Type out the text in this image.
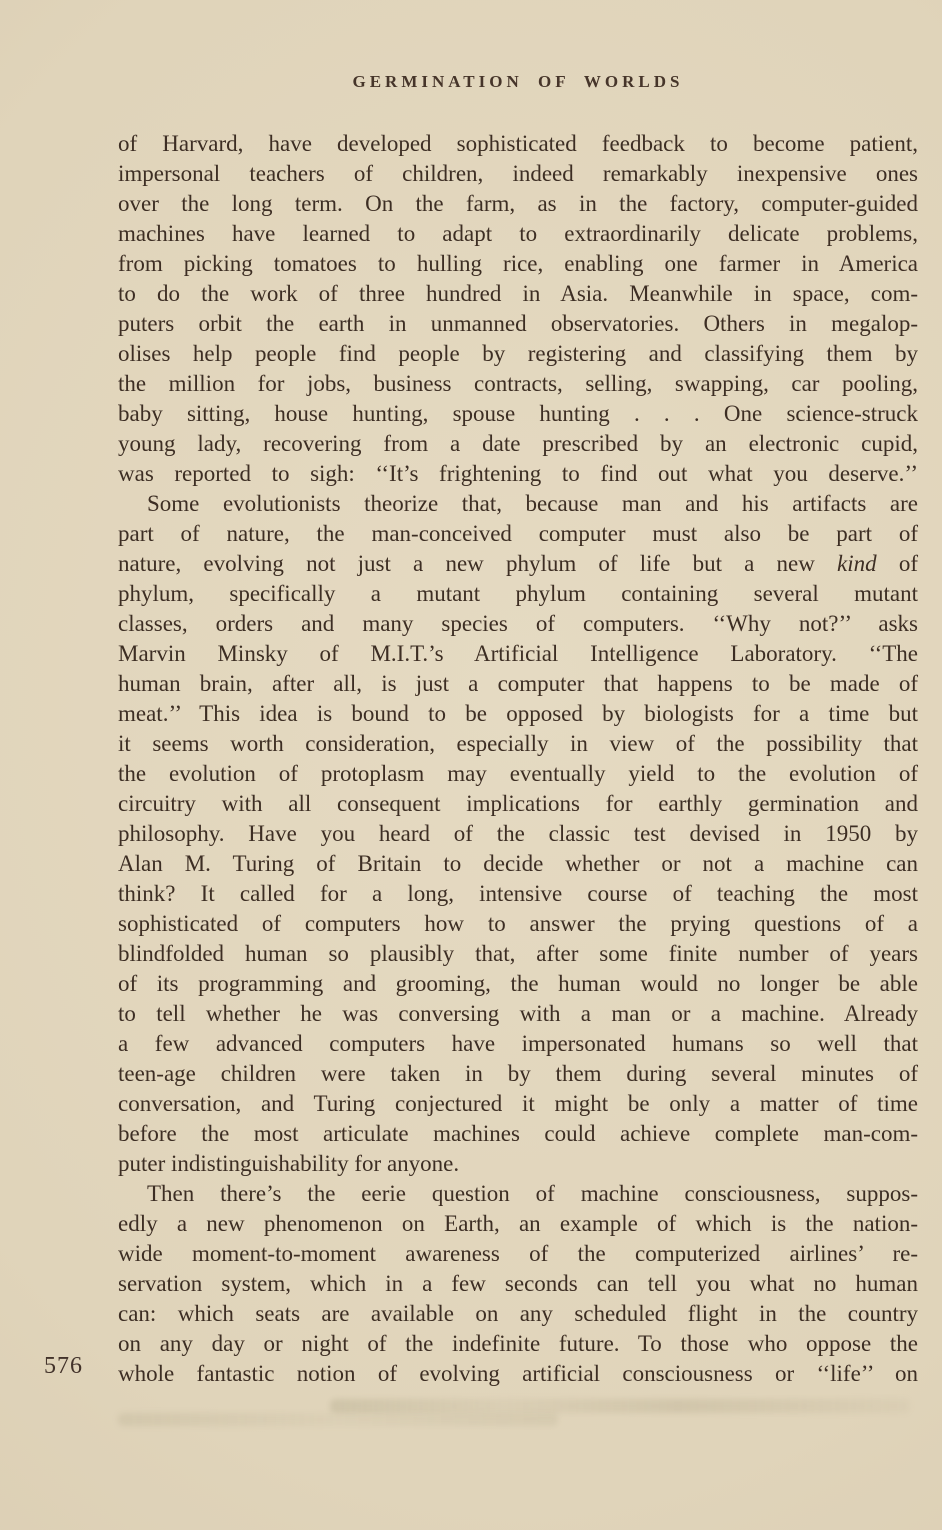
GERMINATION OF WORLDS
of Harvard, have developed sophisticated feedback to become patient,
impersonal teachers of children, indeed remarkably inexpensive ones
over the long term. On the farm, as in the factory, computer-guided
machines have learned to adapt to extraordinarily delicate problems,
from picking tomatoes to hulling rice, enabling one farmer in America
to do the work of three hundred in Asia. Meanwhile in space, com-
puters orbit the earth in unmanned observatories. Others in megalop-
olises help people find people by registering and classifying them by
the million for jobs, business contracts, selling, swapping, car pooling,
baby sitting, house hunting, spouse hunting . . . One science-struck
young lady, recovering from a date prescribed by an electronic cupid,
was reported to sigh: ‘‘It’s frightening to find out what you deserve.’’
Some evolutionists theorize that, because man and his artifacts are
part of nature, the man-conceived computer must also be part of
nature, evolving not just a new phylum of life but a new kind of
phylum, specifically a mutant phylum containing several mutant
classes, orders and many species of computers. ‘‘Why not?’’ asks
Marvin Minsky of M.I.T.’s Artificial Intelligence Laboratory. ‘‘The
human brain, after all, is just a computer that happens to be made of
meat.’’ This idea is bound to be opposed by biologists for a time but
it seems worth consideration, especially in view of the possibility that
the evolution of protoplasm may eventually yield to the evolution of
circuitry with all consequent implications for earthly germination and
philosophy. Have you heard of the classic test devised in 1950 by
Alan M. Turing of Britain to decide whether or not a machine can
think? It called for a long, intensive course of teaching the most
sophisticated of computers how to answer the prying questions of a
blindfolded human so plausibly that, after some finite number of years
of its programming and grooming, the human would no longer be able
to tell whether he was conversing with a man or a machine. Already
a few advanced computers have impersonated humans so well that
teen-age children were taken in by them during several minutes of
conversation, and Turing conjectured it might be only a matter of time
before the most articulate machines could achieve complete man-com-
puter indistinguishability for anyone.
Then there’s the eerie question of machine consciousness, suppos-
edly a new phenomenon on Earth, an example of which is the nation-
wide moment-to-moment awareness of the computerized airlines’ re-
servation system, which in a few seconds can tell you what no human
can: which seats are available on any scheduled flight in the country
on any day or night of the indefinite future. To those who oppose the
whole fantastic notion of evolving artificial consciousness or ‘‘life’’ on
576
